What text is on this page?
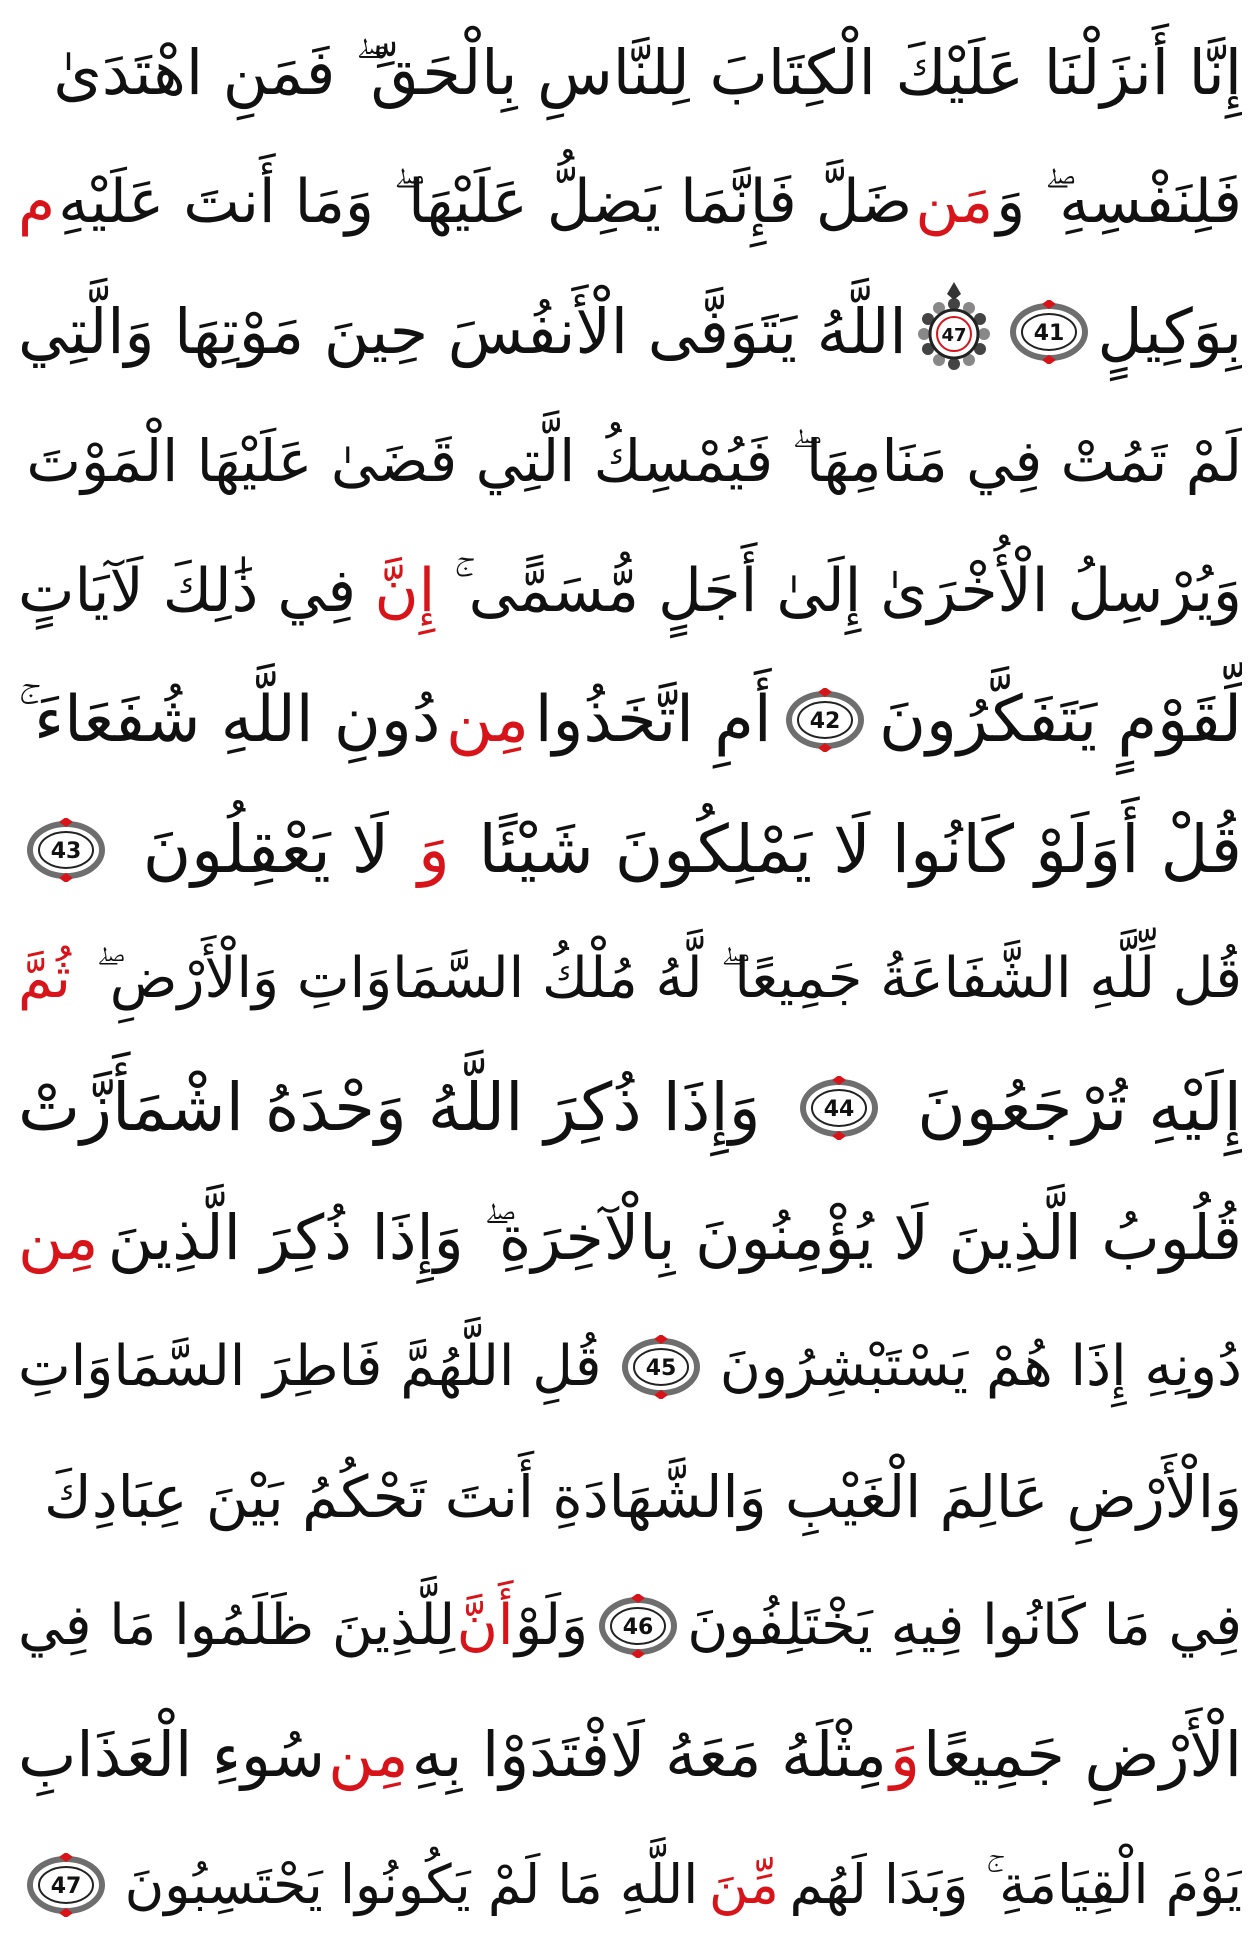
إِنَّا أَنزَلْنَا عَلَيْكَ الْكِتَابَ لِلنَّاسِ بِالْحَقِّ ۖ فَمَنِ اهْتَدَىٰ
فَلِنَفْسِهِ ۖ وَ
مَن
ضَلَّ فَإِنَّمَا يَضِلُّ عَلَيْهَا ۖ وَمَا أَنتَ عَلَيْهِ
م
بِوَكِيلٍ
41
47
اللَّهُ يَتَوَفَّى الْأَنفُسَ حِينَ مَوْتِهَا وَالَّتِي
لَمْ تَمُتْ فِي مَنَامِهَا ۖ فَيُمْسِكُ الَّتِي قَضَىٰ عَلَيْهَا الْمَوْتَ
وَيُرْسِلُ الْأُخْرَىٰ إِلَىٰ أَجَلٍ مُّسَمًّى ۚ
إِنَّ
فِي ذَٰلِكَ لَآيَاتٍ
لِّقَوْمٍ يَتَفَكَّرُونَ
42
أَمِ اتَّخَذُوا
مِن
دُونِ اللَّهِ شُفَعَاءَ ۚ
قُلْ أَوَلَوْ كَانُوا لَا يَمْلِكُونَ شَيْئًا
وَ
لَا يَعْقِلُونَ
43
قُل لِّلَّهِ الشَّفَاعَةُ جَمِيعًا ۖ لَّهُ مُلْكُ السَّمَاوَاتِ وَالْأَرْضِ ۖ
ثُمَّ
إِلَيْهِ تُرْجَعُونَ
44
وَإِذَا ذُكِرَ اللَّهُ وَحْدَهُ اشْمَأَزَّتْ
قُلُوبُ الَّذِينَ لَا يُؤْمِنُونَ بِالْآخِرَةِ ۖ وَإِذَا ذُكِرَ الَّذِينَ
مِن
دُونِهِ إِذَا هُمْ يَسْتَبْشِرُونَ
45
قُلِ اللَّهُمَّ فَاطِرَ السَّمَاوَاتِ
وَالْأَرْضِ عَالِمَ الْغَيْبِ وَالشَّهَادَةِ أَنتَ تَحْكُمُ بَيْنَ عِبَادِكَ
فِي مَا كَانُوا فِيهِ يَخْتَلِفُونَ
46
وَلَوْ
أَنَّ
لِلَّذِينَ ظَلَمُوا مَا فِي
الْأَرْضِ جَمِيعًا
وَ
مِثْلَهُ مَعَهُ لَافْتَدَوْا بِهِ
مِن
سُوءِ الْعَذَابِ
يَوْمَ الْقِيَامَةِ ۚ وَبَدَا لَهُم
مِّنَ
اللَّهِ مَا لَمْ يَكُونُوا يَحْتَسِبُونَ
47
